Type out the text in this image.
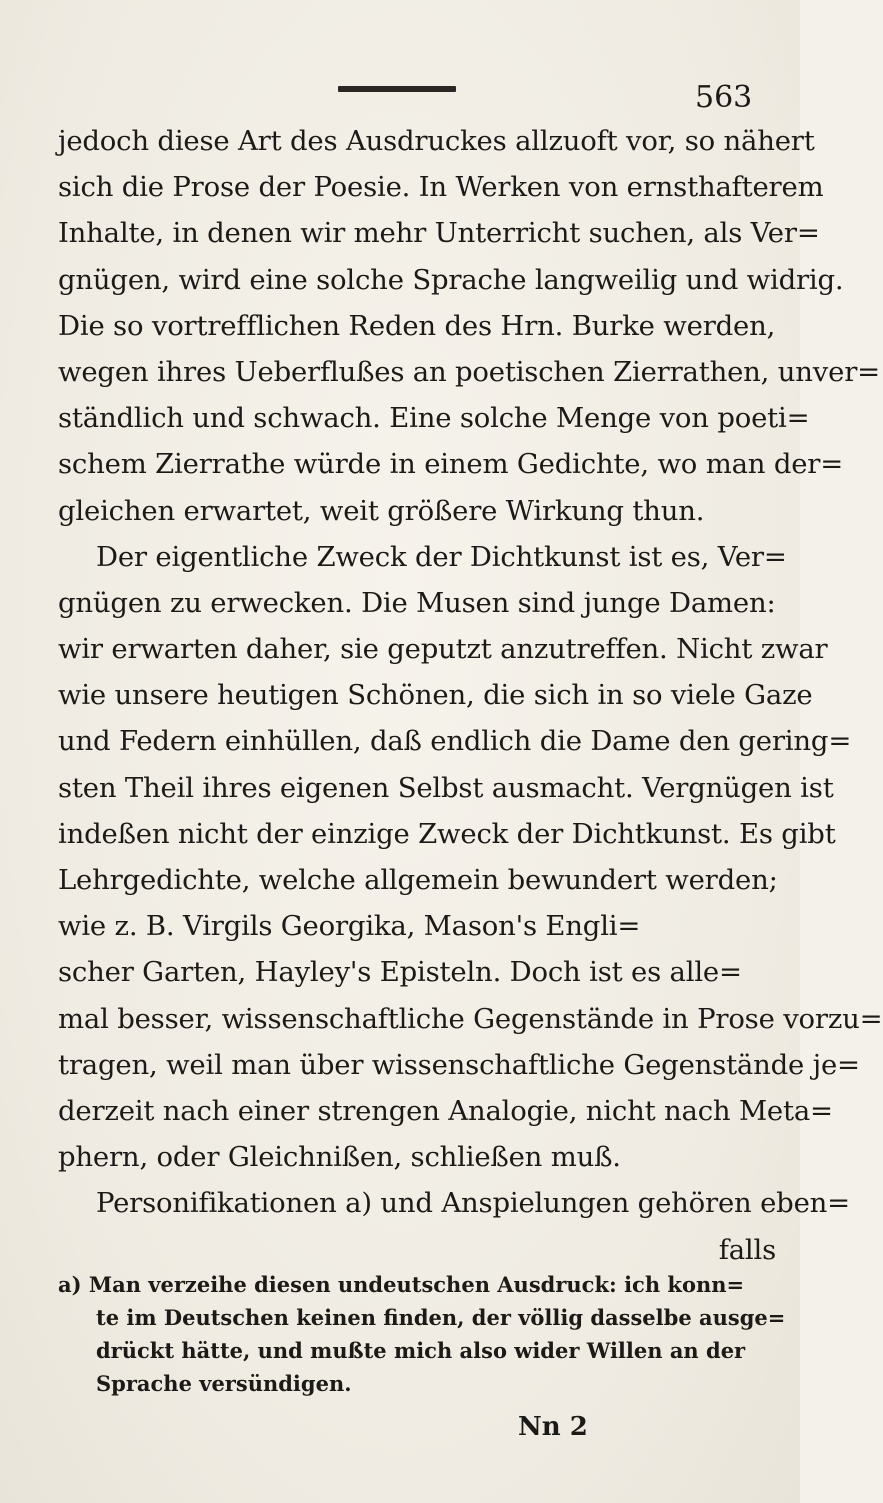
563
jedoch diese Art des Ausdruckes allzuoft vor, so nähert
sich die Prose der Poesie. In Werken von ernsthafterem
Inhalte, in denen wir mehr Unterricht suchen, als Ver=
gnügen, wird eine solche Sprache langweilig und widrig.
Die so vortrefflichen Reden des Hrn. Burke werden,
wegen ihres Ueberflußes an poetischen Zierrathen, unver=
ständlich und schwach. Eine solche Menge von poeti=
schem Zierrathe würde in einem Gedichte, wo man der=
gleichen erwartet, weit größere Wirkung thun.
Der eigentliche Zweck der Dichtkunst ist es, Ver=
gnügen zu erwecken. Die Musen sind junge Damen:
wir erwarten daher, sie geputzt anzutreffen. Nicht zwar
wie unsere heutigen Schönen, die sich in so viele Gaze
und Federn einhüllen, daß endlich die Dame den gering=
sten Theil ihres eigenen Selbst ausmacht. Vergnügen ist
indeßen nicht der einzige Zweck der Dichtkunst. Es gibt
Lehrgedichte, welche allgemein bewundert werden;
wie z. B. Virgils Georgika, Mason's Engli=
scher Garten, Hayley's Episteln. Doch ist es alle=
mal besser, wissenschaftliche Gegenstände in Prose vorzu=
tragen, weil man über wissenschaftliche Gegenstände je=
derzeit nach einer strengen Analogie, nicht nach Meta=
phern, oder Gleichnißen, schließen muß.
Personifikationen a) und Anspielungen gehören eben=
falls
a) Man verzeihe diesen undeutschen Ausdruck: ich konn=
te im Deutschen keinen finden, der völlig dasselbe ausge=
drückt hätte, und mußte mich also wider Willen an der
Sprache versündigen.
Nn 2
